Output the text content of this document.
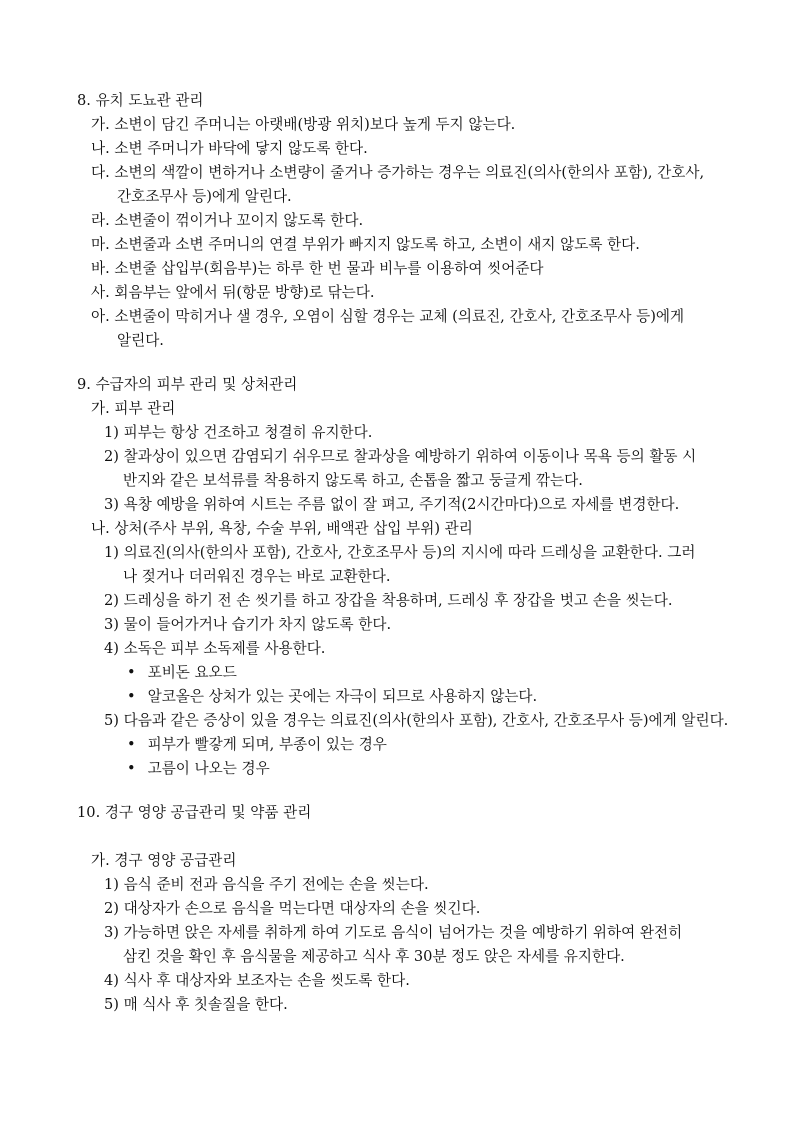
8. 유치 도뇨관 관리
가. 소변이 담긴 주머니는 아랫배(방광 위치)보다 높게 두지 않는다.
나. 소변 주머니가 바닥에 닿지 않도록 한다.
다. 소변의 색깔이 변하거나 소변량이 줄거나 증가하는 경우는 의료진(의사(한의사 포함), 간호사,
간호조무사 등)에게 알린다.
라. 소변줄이 꺾이거나 꼬이지 않도록 한다.
마. 소변줄과 소변 주머니의 연결 부위가 빠지지 않도록 하고, 소변이 새지 않도록 한다.
바. 소변줄 삽입부(회음부)는 하루 한 번 물과 비누를 이용하여 씻어준다
사. 회음부는 앞에서 뒤(항문 방향)로 닦는다.
아. 소변줄이 막히거나 샐 경우, 오염이 심할 경우는 교체 (의료진, 간호사, 간호조무사 등)에게
알린다.
9. 수급자의 피부 관리 및 상처관리
가. 피부 관리
1) 피부는 항상 건조하고 청결히 유지한다.
2) 찰과상이 있으면 감염되기 쉬우므로 찰과상을 예방하기 위하여 이동이나 목욕 등의 활동 시
반지와 같은 보석류를 착용하지 않도록 하고, 손톱을 짧고 둥글게 깎는다.
3) 욕창 예방을 위하여 시트는 주름 없이 잘 펴고, 주기적(2시간마다)으로 자세를 변경한다.
나. 상처(주사 부위, 욕창, 수술 부위, 배액관 삽입 부위) 관리
1) 의료진(의사(한의사 포함), 간호사, 간호조무사 등)의 지시에 따라 드레싱을 교환한다. 그러
나 젖거나 더러워진 경우는 바로 교환한다.
2) 드레싱을 하기 전 손 씻기를 하고 장갑을 착용하며, 드레싱 후 장갑을 벗고 손을 씻는다.
3) 물이 들어가거나 습기가 차지 않도록 한다.
4) 소독은 피부 소독제를 사용한다.
• 포비돈 요오드
• 알코올은 상처가 있는 곳에는 자극이 되므로 사용하지 않는다.
5) 다음과 같은 증상이 있을 경우는 의료진(의사(한의사 포함), 간호사, 간호조무사 등)에게 알린다.
• 피부가 빨갛게 되며, 부종이 있는 경우
• 고름이 나오는 경우
10. 경구 영양 공급관리 및 약품 관리
가. 경구 영양 공급관리
1) 음식 준비 전과 음식을 주기 전에는 손을 씻는다.
2) 대상자가 손으로 음식을 먹는다면 대상자의 손을 씻긴다.
3) 가능하면 앉은 자세를 취하게 하여 기도로 음식이 넘어가는 것을 예방하기 위하여 완전히
삼킨 것을 확인 후 음식물을 제공하고 식사 후 30분 정도 앉은 자세를 유지한다.
4) 식사 후 대상자와 보조자는 손을 씻도록 한다.
5) 매 식사 후 칫솔질을 한다.
